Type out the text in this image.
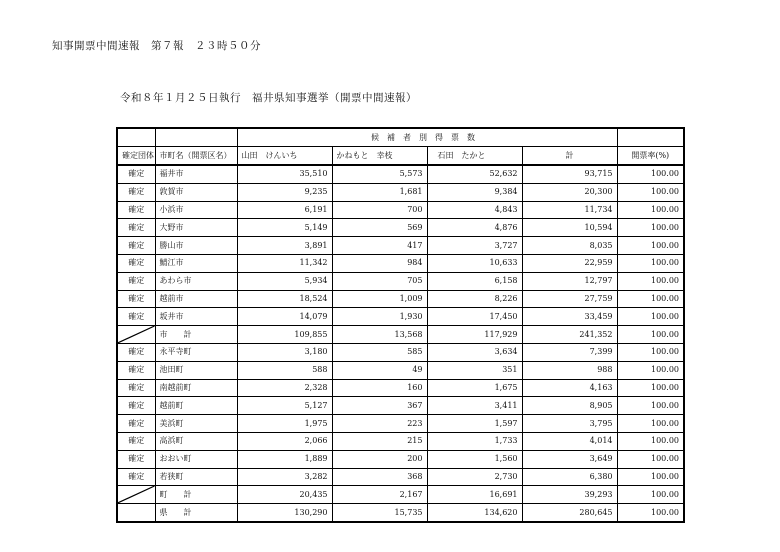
知事開票中間速報　第７報　２３時５０分
令和８年１月２５日執行　福井県知事選挙（開票中間速報）
		候補者別得票数				
確定団体	市町名（開票区名）	山田　けんいち	かねもと　幸枝	石田　たかと	計	開票率(%)
確定	福井市	35,510	5,573	52,632	93,715	100.00
確定	敦賀市	9,235	1,681	9,384	20,300	100.00
確定	小浜市	6,191	700	4,843	11,734	100.00
確定	大野市	5,149	569	4,876	10,594	100.00
確定	勝山市	3,891	417	3,727	8,035	100.00
確定	鯖江市	11,342	984	10,633	22,959	100.00
確定	あわら市	5,934	705	6,158	12,797	100.00
確定	越前市	18,524	1,009	8,226	27,759	100.00
確定	坂井市	14,079	1,930	17,450	33,459	100.00

	市　計	109,855	13,568	117,929	241,352	100.00
確定	永平寺町	3,180	585	3,634	7,399	100.00
確定	池田町	588	49	351	988	100.00
確定	南越前町	2,328	160	1,675	4,163	100.00
確定	越前町	5,127	367	3,411	8,905	100.00
確定	美浜町	1,975	223	1,597	3,795	100.00
確定	高浜町	2,066	215	1,733	4,014	100.00
確定	おおい町	1,889	200	1,560	3,649	100.00
確定	若狭町	3,282	368	2,730	6,380	100.00

	町　計	20,435	2,167	16,691	39,293	100.00
	県　計	130,290	15,735	134,620	280,645	100.00
